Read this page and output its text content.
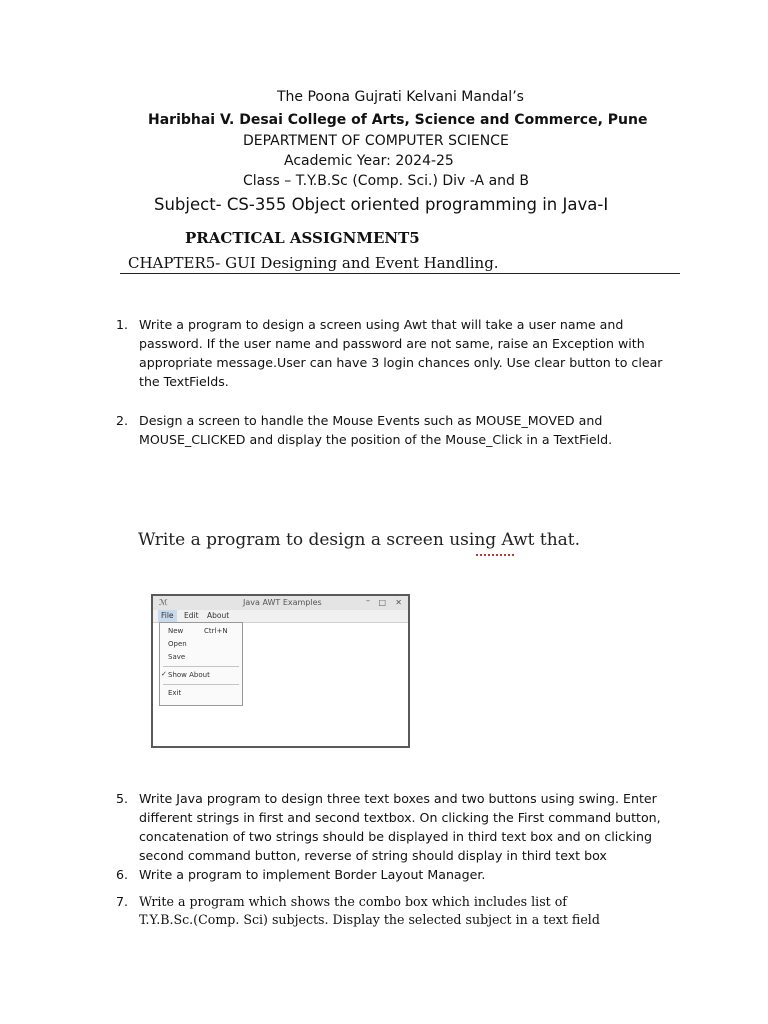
The Poona Gujrati Kelvani Mandal’s
Haribhai V. Desai College of Arts, Science and Commerce, Pune
DEPARTMENT OF COMPUTER SCIENCE
Academic Year: 2024-25
Class – T.Y.B.Sc (Comp. Sci.) Div -A and B
Subject- CS-355 Object oriented programming in Java-I
PRACTICAL ASSIGNMENT5
CHAPTER5- GUI Designing and Event Handling.
1. Write a program to design a screen using Awt that will take a user name and
password. If the user name and password are not same, raise an Exception with
appropriate message.User can have 3 login chances only. Use clear button to clear
the TextFields.
2. Design a screen to handle the Mouse Events such as MOUSE_MOVED and
MOUSE_CLICKED and display the position of the Mouse_Click in a TextField.
Write a program to design a screen using Awt that.
ℳ	Java AWT Examples	– □ ✕
File	Edit About
New	Ctrl+N
Open
Save
✓ Show About
Exit
5. Write Java program to design three text boxes and two buttons using swing. Enter
different strings in first and second textbox. On clicking the First command button,
concatenation of two strings should be displayed in third text box and on clicking
second command button, reverse of string should display in third text box
6. Write a program to implement Border Layout Manager.
7. Write a program which shows the combo box which includes list of
T.Y.B.Sc.(Comp. Sci) subjects. Display the selected subject in a text field
